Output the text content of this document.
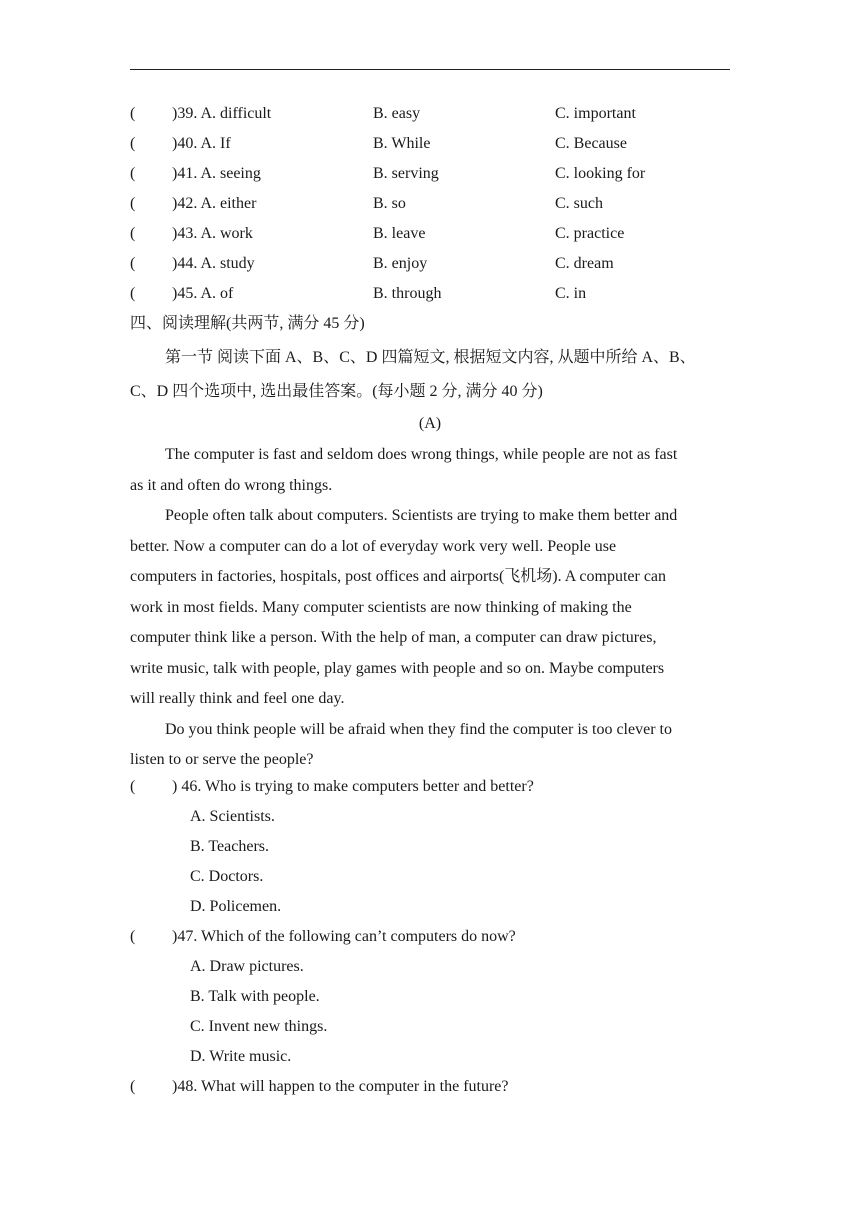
( )39. A. difficult	B. easy	C. important
( )40. A. If	B. While	C. Because
( )41. A. seeing	B. serving	C. looking for
( )42. A. either	B. so	C. such
( )43. A. work	B. leave	C. practice
( )44. A. study	B. enjoy	C. dream
( )45. A. of	B. through	C. in
四、阅读理解(共两节, 满分 45 分)
第一节 阅读下面 A、B、C、D 四篇短文, 根据短文内容, 从题中所给 A、B、
C、D 四个选项中, 选出最佳答案。(每小题 2 分, 满分 40 分)
(A)
The computer is fast and seldom does wrong things, while people are not as fast
as it and often do wrong things.
People often talk about computers. Scientists are trying to make them better and
better. Now a computer can do a lot of everyday work very well. People use
computers in factories, hospitals, post offices and airports(飞机场). A computer can
work in most fields. Many computer scientists are now thinking of making the
computer think like a person. With the help of man, a computer can draw pictures,
write music, talk with people, play games with people and so on. Maybe computers
will really think and feel one day.
Do you think people will be afraid when they find the computer is too clever to
listen to or serve the people?
( ) 46. Who is trying to make computers better and better?
A. Scientists.
B. Teachers.
C. Doctors.
D. Policemen.
( )47. Which of the following can’t computers do now?
A. Draw pictures.
B. Talk with people.
C. Invent new things.
D. Write music.
( )48. What will happen to the computer in the future?
